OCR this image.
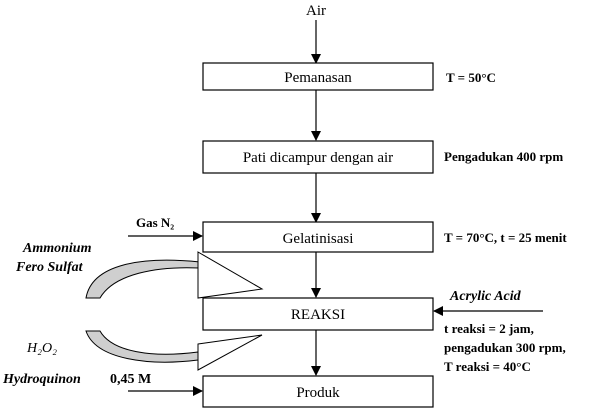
Air
Pemanasan
Pati dicampur dengan air
Gelatinisasi
REAKSI
Produk
T = 50°C
Pengadukan 400 rpm
T = 70°C, t = 25 menit
t reaksi = 2 jam,
pengadukan 300 rpm,
T reaksi = 40°C
Gas N₂
Acrylic Acid
Ammonium
Fero Sulfat
H₂O₂
Hydroquinon 0,45 M
